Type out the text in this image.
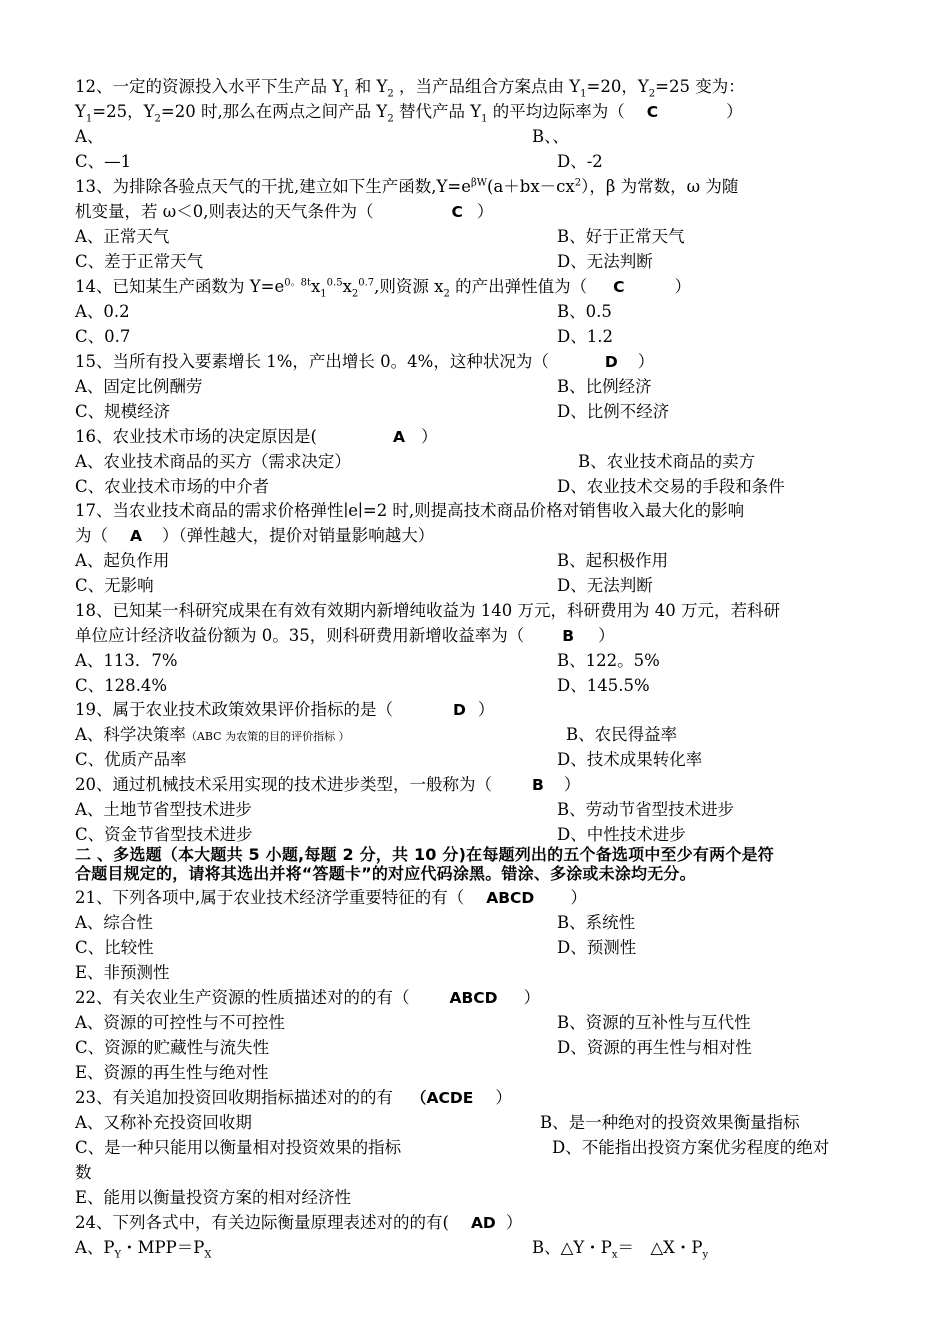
12、一定的资源投入水平下生产品 $Y_1$ 和 $Y_2$ ，当产品组合方案点由 $Y_1=20$，$Y_2=25$ 变为：
$Y_1=25$，$Y_2=20$ 时,那么在两点之间产品 $Y_2$ 替代产品 $Y_1$ 的平均边际率为（ C	）
A、	B、、
C、—1	D、-2
13、为排除各验点天气的干扰,建立如下生产函数$,Y=e^{\beta W}(a+bx-cx^2)$，β 为常数，ω 为随
机变量，若 ω＜0,则表达的天气条件为（	C ）
A、正常天气	B、好于正常天气
C、差于正常天气	D、无法判断
14、已知某生产函数为 $Y=e^{0。8t}x_1^{0.5}x_2^{0.7}$,则资源 $x_2$ 的产出弹性值为（ C	）
A、0.2	B、0.5
C、0.7	D、1.2
15、当所有投入要素增长 1%，产出增长 0。4%，这种状况为（	D ）
A、固定比例酬劳	B、比例经济
C、规模经济	D、比例不经济
16、农业技术市场的决定原因是(	A ）
A、农业技术商品的买方（需求决定）	B、农业技术商品的卖方
C、农业技术市场的中介者	D、农业技术交易的手段和条件
17、当农业技术商品的需求价格弹性∣e∣=2 时,则提高技术商品价格对销售收入最大化的影响
为（ A ）（弹性越大，提价对销量影响越大）
A、起负作用	B、起积极作用
C、无影响	D、无法判断
18、已知某一科研究成果在有效有效期内新增纯收益为 140 万元，科研费用为 40 万元，若科研
单位应计经济收益份额为 0。35，则科研费用新增收益率为（ B ）
A、113．7%	B、122。5%
C、128.4%	D、145.5%
19、属于农业技术政策效果评价指标的是（	D ）
A、科学决策率（ABC 为农策的目的评价指标 ）	B、农民得益率
C、优质产品率	D、技术成果转化率
20、通过机械技术采用实现的技术进步类型，一般称为（	B ）
A、土地节省型技术进步	B、劳动节省型技术进步
C、资金节省型技术进步	D、中性技术进步
二 、多选题（本大题共 5 小题,每题 2 分，共 10 分)在每题列出的五个备选项中至少有两个是符
合题目规定的，请将其选出并将“答题卡”的对应代码涂黑。错涂、多涂或未涂均无分。
21、下列各项中,属于农业技术经济学重要特征的有（ ABCD ）
A、综合性	B、系统性
C、比较性	D、预测性
E、非预测性
22、有关农业生产资源的性质描述对的的有（	ABCD ）
A、资源的可控性与不可控性	B、资源的互补性与互代性
C、资源的贮藏性与流失性	D、资源的再生性与相对性
E、资源的再生性与绝对性
23、有关追加投资回收期指标描述对的的有 （ACDE ）
A、又称补充投资回收期	B、是一种绝对的投资效果衡量指标
C、是一种只能用以衡量相对投资效果的指标	D、不能指出投资方案优劣程度的绝对
数
E、能用以衡量投资方案的相对经济性
24、下列各式中，有关边际衡量原理表述对的的有( AD ）
A、$P_Y$・$MPP=P_X$	B、△Y・$P_x=$　△X・$P_y$
